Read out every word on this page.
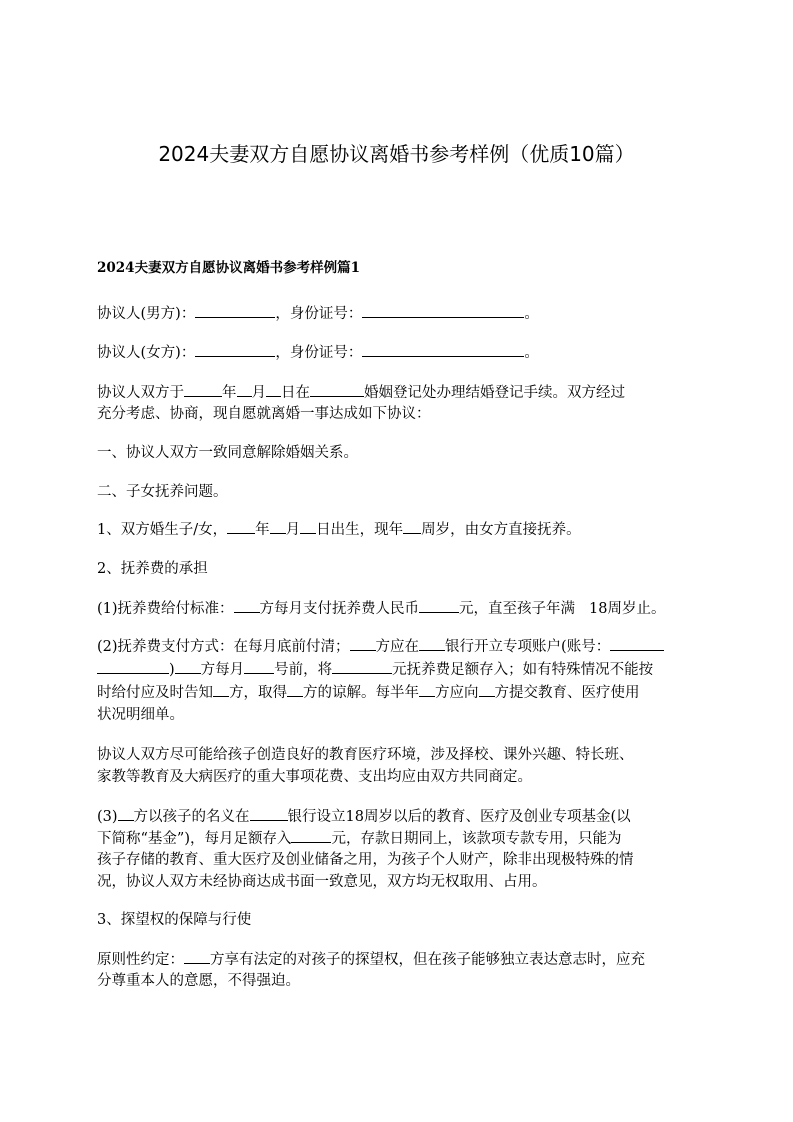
2024夫妻双方自愿协议离婚书参考样例（优质10篇）
2024夫妻双方自愿协议离婚书参考样例篇1

协议人(男方)：	，身份证号：	。

协议人(女方)：	，身份证号：	。

协议人双方于	年 月 日在	婚姻登记处办理结婚登记手续。双方经过

充分考虑、协商，现自愿就离婚一事达成如下协议：

一、协议人双方一致同意解除婚姻关系。

二、子女抚养问题。

1、双方婚生子/女， 年 月 日出生，现年 周岁，由女方直接抚养。

2、抚养费的承担

(1)抚养费给付标准： 方每月支付抚养费人民币	元，直至孩子年满 18周岁止。

(2)抚养费支付方式：在每月底前付清； 方应在 银行开立专项账户(账号：

) 方每月 号前，将	元抚养费足额存入；如有特殊情况不能按

时给付应及时告知 方，取得 方的谅解。每半年 方应向 方提交教育、医疗使用

状况明细单。

协议人双方尽可能给孩子创造良好的教育医疗环境，涉及择校、课外兴趣、特长班、

家教等教育及大病医疗的重大事项花费、支出均应由双方共同商定。

(3) 方以孩子的名义在	银行设立18周岁以后的教育、医疗及创业专项基金(以

下简称“基金”)，每月足额存入	元，存款日期同上，该款项专款专用，只能为

孩子存储的教育、重大医疗及创业储备之用，为孩子个人财产，除非出现极特殊的情

况，协议人双方未经协商达成书面一致意见，双方均无权取用、占用。

3、探望权的保障与行使

原则性约定： 方享有法定的对孩子的探望权，但在孩子能够独立表达意志时，应充

分尊重本人的意愿，不得强迫。
